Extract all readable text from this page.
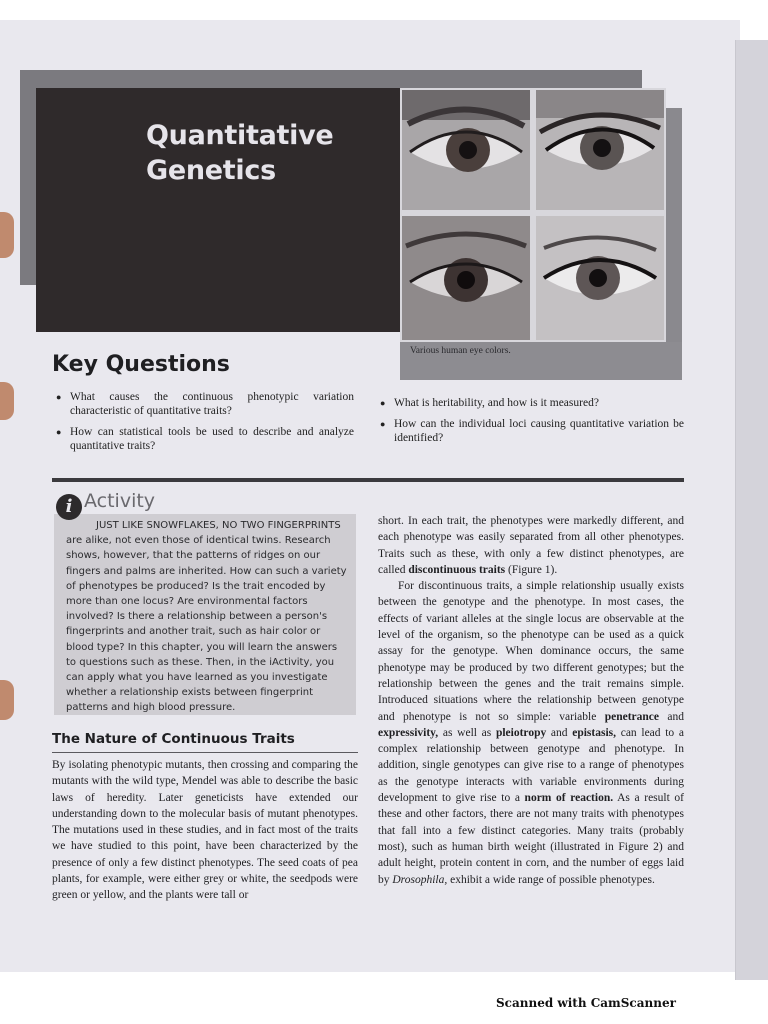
Quantitative
Genetics
Various human eye colors.
Key Questions
● What causes the continuous phenotypic variation characteristic of quantitative traits?
● How can statistical tools be used to describe and analyze quantitative traits?
● What is heritability, and how is it measured?
● How can the individual loci causing quantitative variation be identified?
i Activity

JUST LIKE SNOWFLAKES, NO TWO FINGERPRINTS are alike, not even those of identical twins. Research shows, however, that the patterns of ridges on our fingers and palms are inherited. How can such a variety of phenotypes be produced? Is the trait encoded by more than one locus? Are environmental factors involved? Is there a relationship between a person's fingerprints and another trait, such as hair color or blood type? In this chapter, you will learn the answers to questions such as these. Then, in the iActivity, you can apply what you have learned as you investigate whether a relationship exists between fingerprint patterns and high blood pressure.

The Nature of Continuous Traits

By isolating phenotypic mutants, then crossing and comparing the mutants with the wild type, Mendel was able to describe the basic laws of heredity. Later geneticists have extended our understanding down to the molecular basis of mutant phenotypes. The mutations used in these studies, and in fact most of the traits we have studied to this point, have been characterized by the presence of only a few distinct phenotypes. The seed coats of pea plants, for example, were either grey or white, the seedpods were green or yellow, and the plants were tall or

short. In each trait, the phenotypes were markedly different, and each phenotype was easily separated from all other phenotypes. Traits such as these, with only a few distinct phenotypes, are called discontinuous traits (Figure 1).

For discontinuous traits, a simple relationship usually exists between the genotype and the phenotype. In most cases, the effects of variant alleles at the single locus are observable at the level of the organism, so the phenotype can be used as a quick assay for the genotype. When dominance occurs, the same phenotype may be produced by two different genotypes; but the relationship between the genes and the trait remains simple. Introduced situations where the relationship between genotype and phenotype is not so simple: variable penetrance and expressivity, as well as pleiotropy and epistasis, can lead to a complex relationship between genotype and phenotype. In addition, single genotypes can give rise to a range of phenotypes as the genotype interacts with variable environments during development to give rise to a norm of reaction. As a result of these and other factors, there are not many traits with phenotypes that fall into a few distinct categories. Many traits (probably most), such as human birth weight (illustrated in Figure 2) and adult height, protein content in corn, and the number of eggs laid by Drosophila, exhibit a wide range of possible phenotypes.

Scanned with CamScanner
